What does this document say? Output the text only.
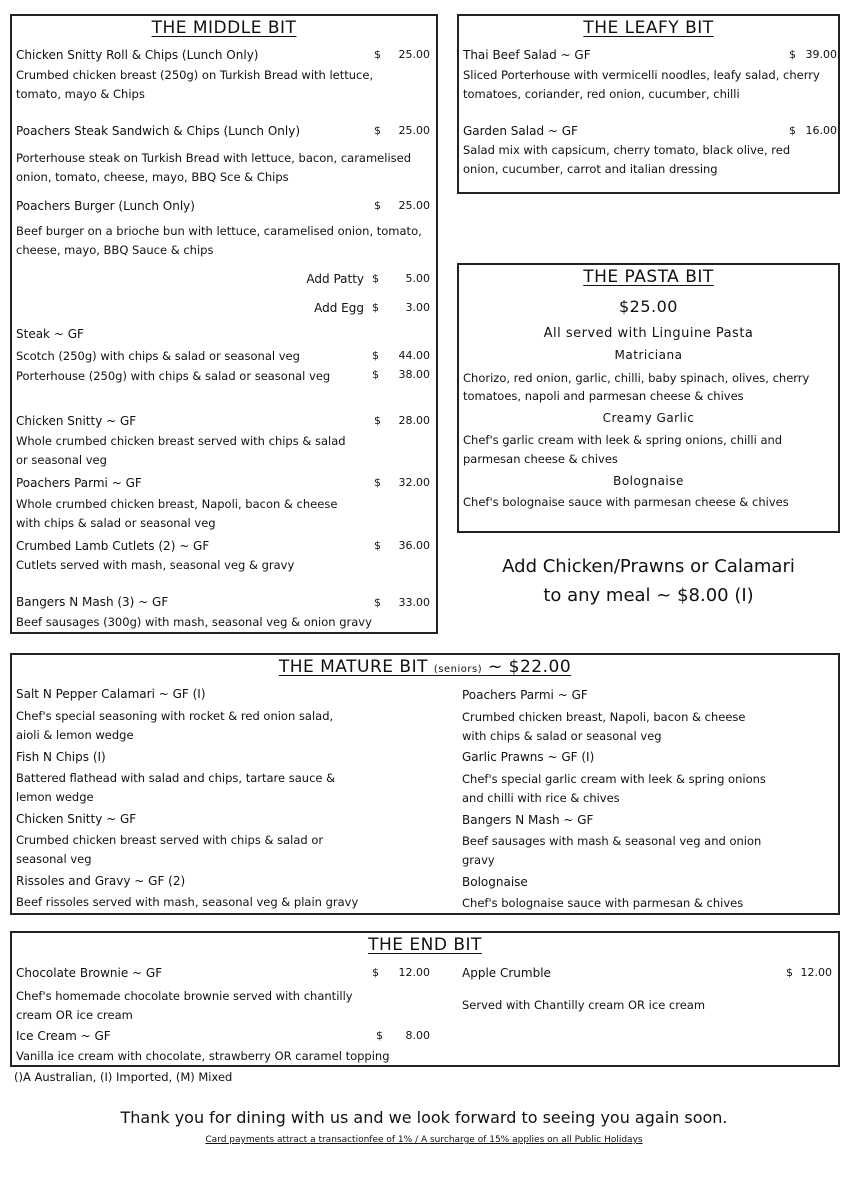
THE MIDDLE BIT
Chicken Snitty Roll & Chips (Lunch Only)	$	25.00
Crumbed chicken breast (250g) on Turkish Bread with lettuce,
tomato, mayo & Chips
Poachers Steak Sandwich & Chips (Lunch Only)	$	25.00
Porterhouse steak on Turkish Bread with lettuce, bacon, caramelised
onion, tomato, cheese, mayo, BBQ Sce & Chips
Poachers Burger (Lunch Only)	$	25.00
Beef burger on a brioche bun with lettuce, caramelised onion, tomato,
cheese, mayo, BBQ Sauce & chips
Add Patty $	5.00
Add Egg $	3.00
Steak ~ GF
Scotch (250g) with chips & salad or seasonal veg	$	44.00
Porterhouse (250g) with chips & salad or seasonal veg	$	38.00
Chicken Snitty ~ GF	$	28.00
Whole crumbed chicken breast served with chips & salad
or seasonal veg
Poachers Parmi ~ GF	$	32.00
Whole crumbed chicken breast, Napoli, bacon & cheese
with chips & salad or seasonal veg
Crumbed Lamb Cutlets (2) ~ GF	$	36.00
Cutlets served with mash, seasonal veg & gravy
Bangers N Mash (3) ~ GF	$	33.00
Beef sausages (300g) with mash, seasonal veg & onion gravy
THE LEAFY BIT
Thai Beef Salad ~ GF	$ 39.00
Sliced Porterhouse with vermicelli noodles, leafy salad, cherry
tomatoes, coriander, red onion, cucumber, chilli
Garden Salad ~ GF	$ 16.00
Salad mix with capsicum, cherry tomato, black olive, red
onion, cucumber, carrot and italian dressing
THE PASTA BIT
$25.00
All served with Linguine Pasta
Matriciana
Chorizo, red onion, garlic, chilli, baby spinach, olives, cherry
tomatoes, napoli and parmesan cheese & chives
Creamy Garlic
Chef's garlic cream with leek & spring onions, chilli and
parmesan cheese & chives
Bolognaise
Chef's bolognaise sauce with parmesan cheese & chives
Add Chicken/Prawns or Calamari
to any meal ~ $8.00 (I)
THE MATURE BIT (seniors) ~ $22.00
Salt N Pepper Calamari ~ GF (I)
Chef's special seasoning with rocket & red onion salad,
aioli & lemon wedge
Fish N Chips (I)
Battered flathead with salad and chips, tartare sauce &
lemon wedge
Chicken Snitty ~ GF
Crumbed chicken breast served with chips & salad or
seasonal veg
Rissoles and Gravy ~ GF (2)
Beef rissoles served with mash, seasonal veg & plain gravy
Poachers Parmi ~ GF
Crumbed chicken breast, Napoli, bacon & cheese
with chips & salad or seasonal veg
Garlic Prawns ~ GF (I)
Chef's special garlic cream with leek & spring onions
and chilli with rice & chives
Bangers N Mash ~ GF
Beef sausages with mash & seasonal veg and onion
gravy
Bolognaise
Chef's bolognaise sauce with parmesan & chives
THE END BIT
Chocolate Brownie ~ GF	$	12.00
Chef's homemade chocolate brownie served with chantilly
cream OR ice cream
Ice Cream ~ GF	$	8.00
Vanilla ice cream with chocolate, strawberry OR caramel topping
Apple Crumble	$ 12.00
Served with Chantilly cream OR ice cream
()A Australian, (I) Imported, (M) Mixed
Thank you for dining with us and we look forward to seeing you again soon.
Card payments attract a transactionfee of 1% / A surcharge of 15% applies on all Public Holidays
